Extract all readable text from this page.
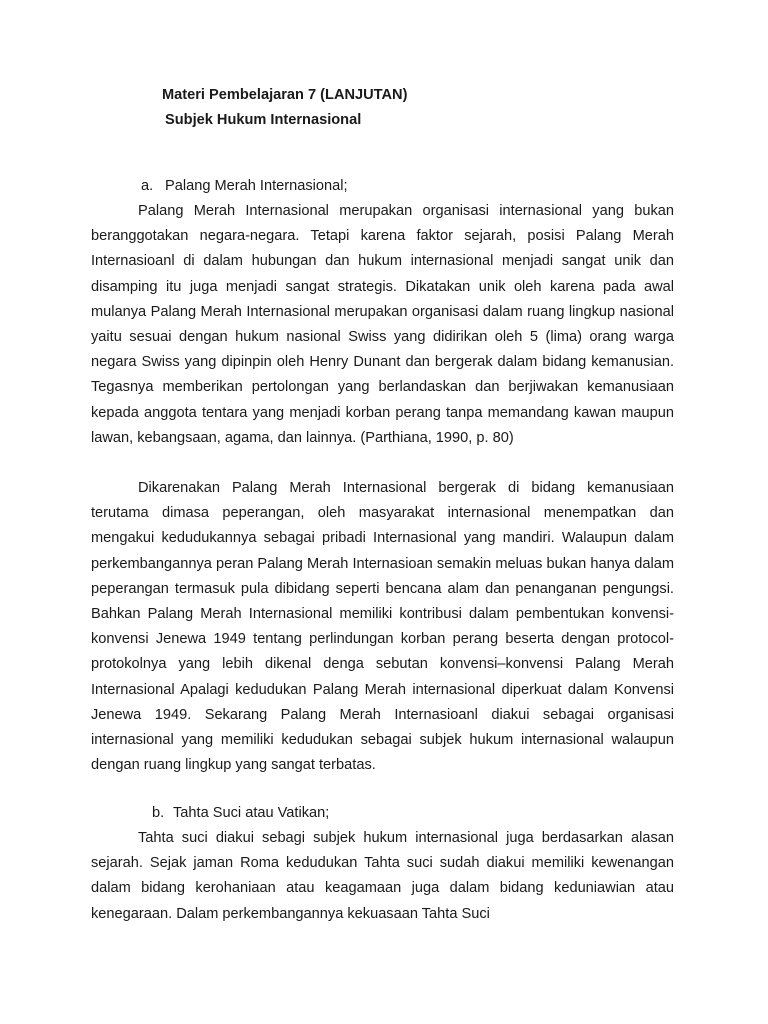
Materi Pembelajaran 7 (LANJUTAN)
Subjek Hukum Internasional
a. Palang Merah Internasional;

Palang Merah Internasional merupakan organisasi internasional yang bukan beranggotakan negara-negara. Tetapi karena faktor sejarah, posisi Palang Merah Internasioanl di dalam hubungan dan hukum internasional menjadi sangat unik dan disamping itu juga menjadi sangat strategis. Dikatakan unik oleh karena pada awal mulanya Palang Merah Internasional merupakan organisasi dalam ruang lingkup nasional yaitu sesuai dengan hukum nasional Swiss yang didirikan oleh 5 (lima) orang warga negara Swiss yang dipinpin oleh Henry Dunant dan bergerak dalam bidang kemanusian. Tegasnya memberikan pertolongan yang berlandaskan dan berjiwakan kemanusiaan kepada anggota tentara yang menjadi korban perang tanpa memandang kawan maupun lawan, kebangsaan, agama, dan lainnya. (Parthiana, 1990, p. 80)

Dikarenakan Palang Merah Internasional bergerak di bidang kemanusiaan terutama dimasa peperangan, oleh masyarakat internasional menempatkan dan mengakui kedudukannya sebagai pribadi Internasional yang mandiri. Walaupun dalam perkembangannya peran Palang Merah Internasioan semakin meluas bukan hanya dalam peperangan termasuk pula dibidang seperti bencana alam dan penanganan pengungsi. Bahkan Palang Merah Internasional memiliki kontribusi dalam pembentukan konvensi-konvensi Jenewa 1949 tentang perlindungan korban perang beserta dengan protocol-protokolnya yang lebih dikenal denga sebutan konvensi–konvensi Palang Merah Internasional Apalagi kedudukan Palang Merah internasional diperkuat dalam Konvensi Jenewa 1949. Sekarang Palang Merah Internasioanl diakui sebagai organisasi internasional yang memiliki kedudukan sebagai subjek hukum internasional walaupun dengan ruang lingkup yang sangat terbatas.

b. Tahta Suci atau Vatikan;

Tahta suci diakui sebagi subjek hukum internasional juga berdasarkan alasan sejarah. Sejak jaman Roma kedudukan Tahta suci sudah diakui memiliki kewenangan dalam bidang kerohaniaan atau keagamaan juga dalam bidang keduniawian atau kenegaraan. Dalam perkembangannya kekuasaan Tahta Suci
